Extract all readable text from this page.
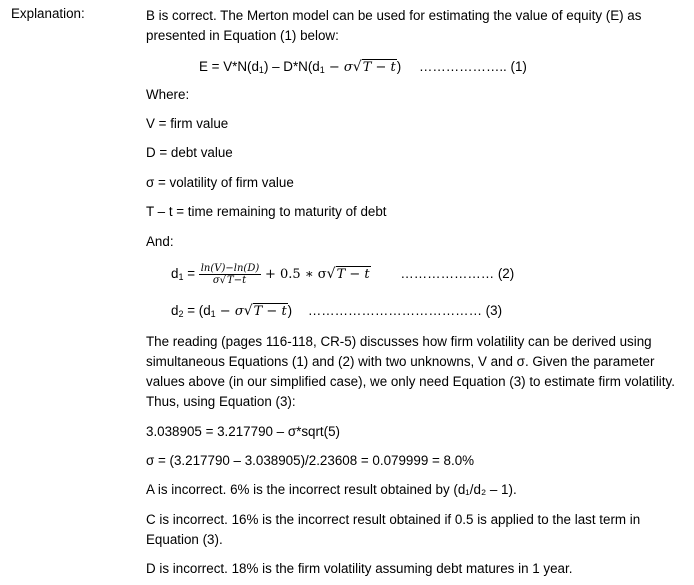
Explanation:	B is correct. The Merton model can be used for estimating the value of equity (E) as presented in Equation (1) below:
$E = V*N(d_1) - D*N(d_1 - \sigma√T - t)$ ……………….. (1)
Where:
V = firm value
D = debt value
σ = volatility of firm value
T – t = time remaining to maturity of debt
And:
$d_1 = \frac{\ln(V)-\ln(D)}{\sigma√T-t} + 0.5$ ∗ σ√T − t ………………… (2)
$d_2 = (d_1 - \sigma√T - t)$ ………………………………… (3)
The reading (pages 116-118, CR-5) discusses how firm volatility can be derived using simultaneous Equations (1) and (2) with two unknowns, V and σ. Given the parameter values above (in our simplified case), we only need Equation (3) to estimate firm volatility. Thus, using Equation (3):
3.038905 = 3.217790 – σ*sqrt(5)
σ = (3.217790 – 3.038905)/2.23608 = 0.079999 = 8.0%
A is incorrect. 6% is the incorrect result obtained by (d₁/d₂ – 1).
C is incorrect. 16% is the incorrect result obtained if 0.5 is applied to the last term in Equation (3).
D is incorrect. 18% is the firm volatility assuming debt matures in 1 year.
